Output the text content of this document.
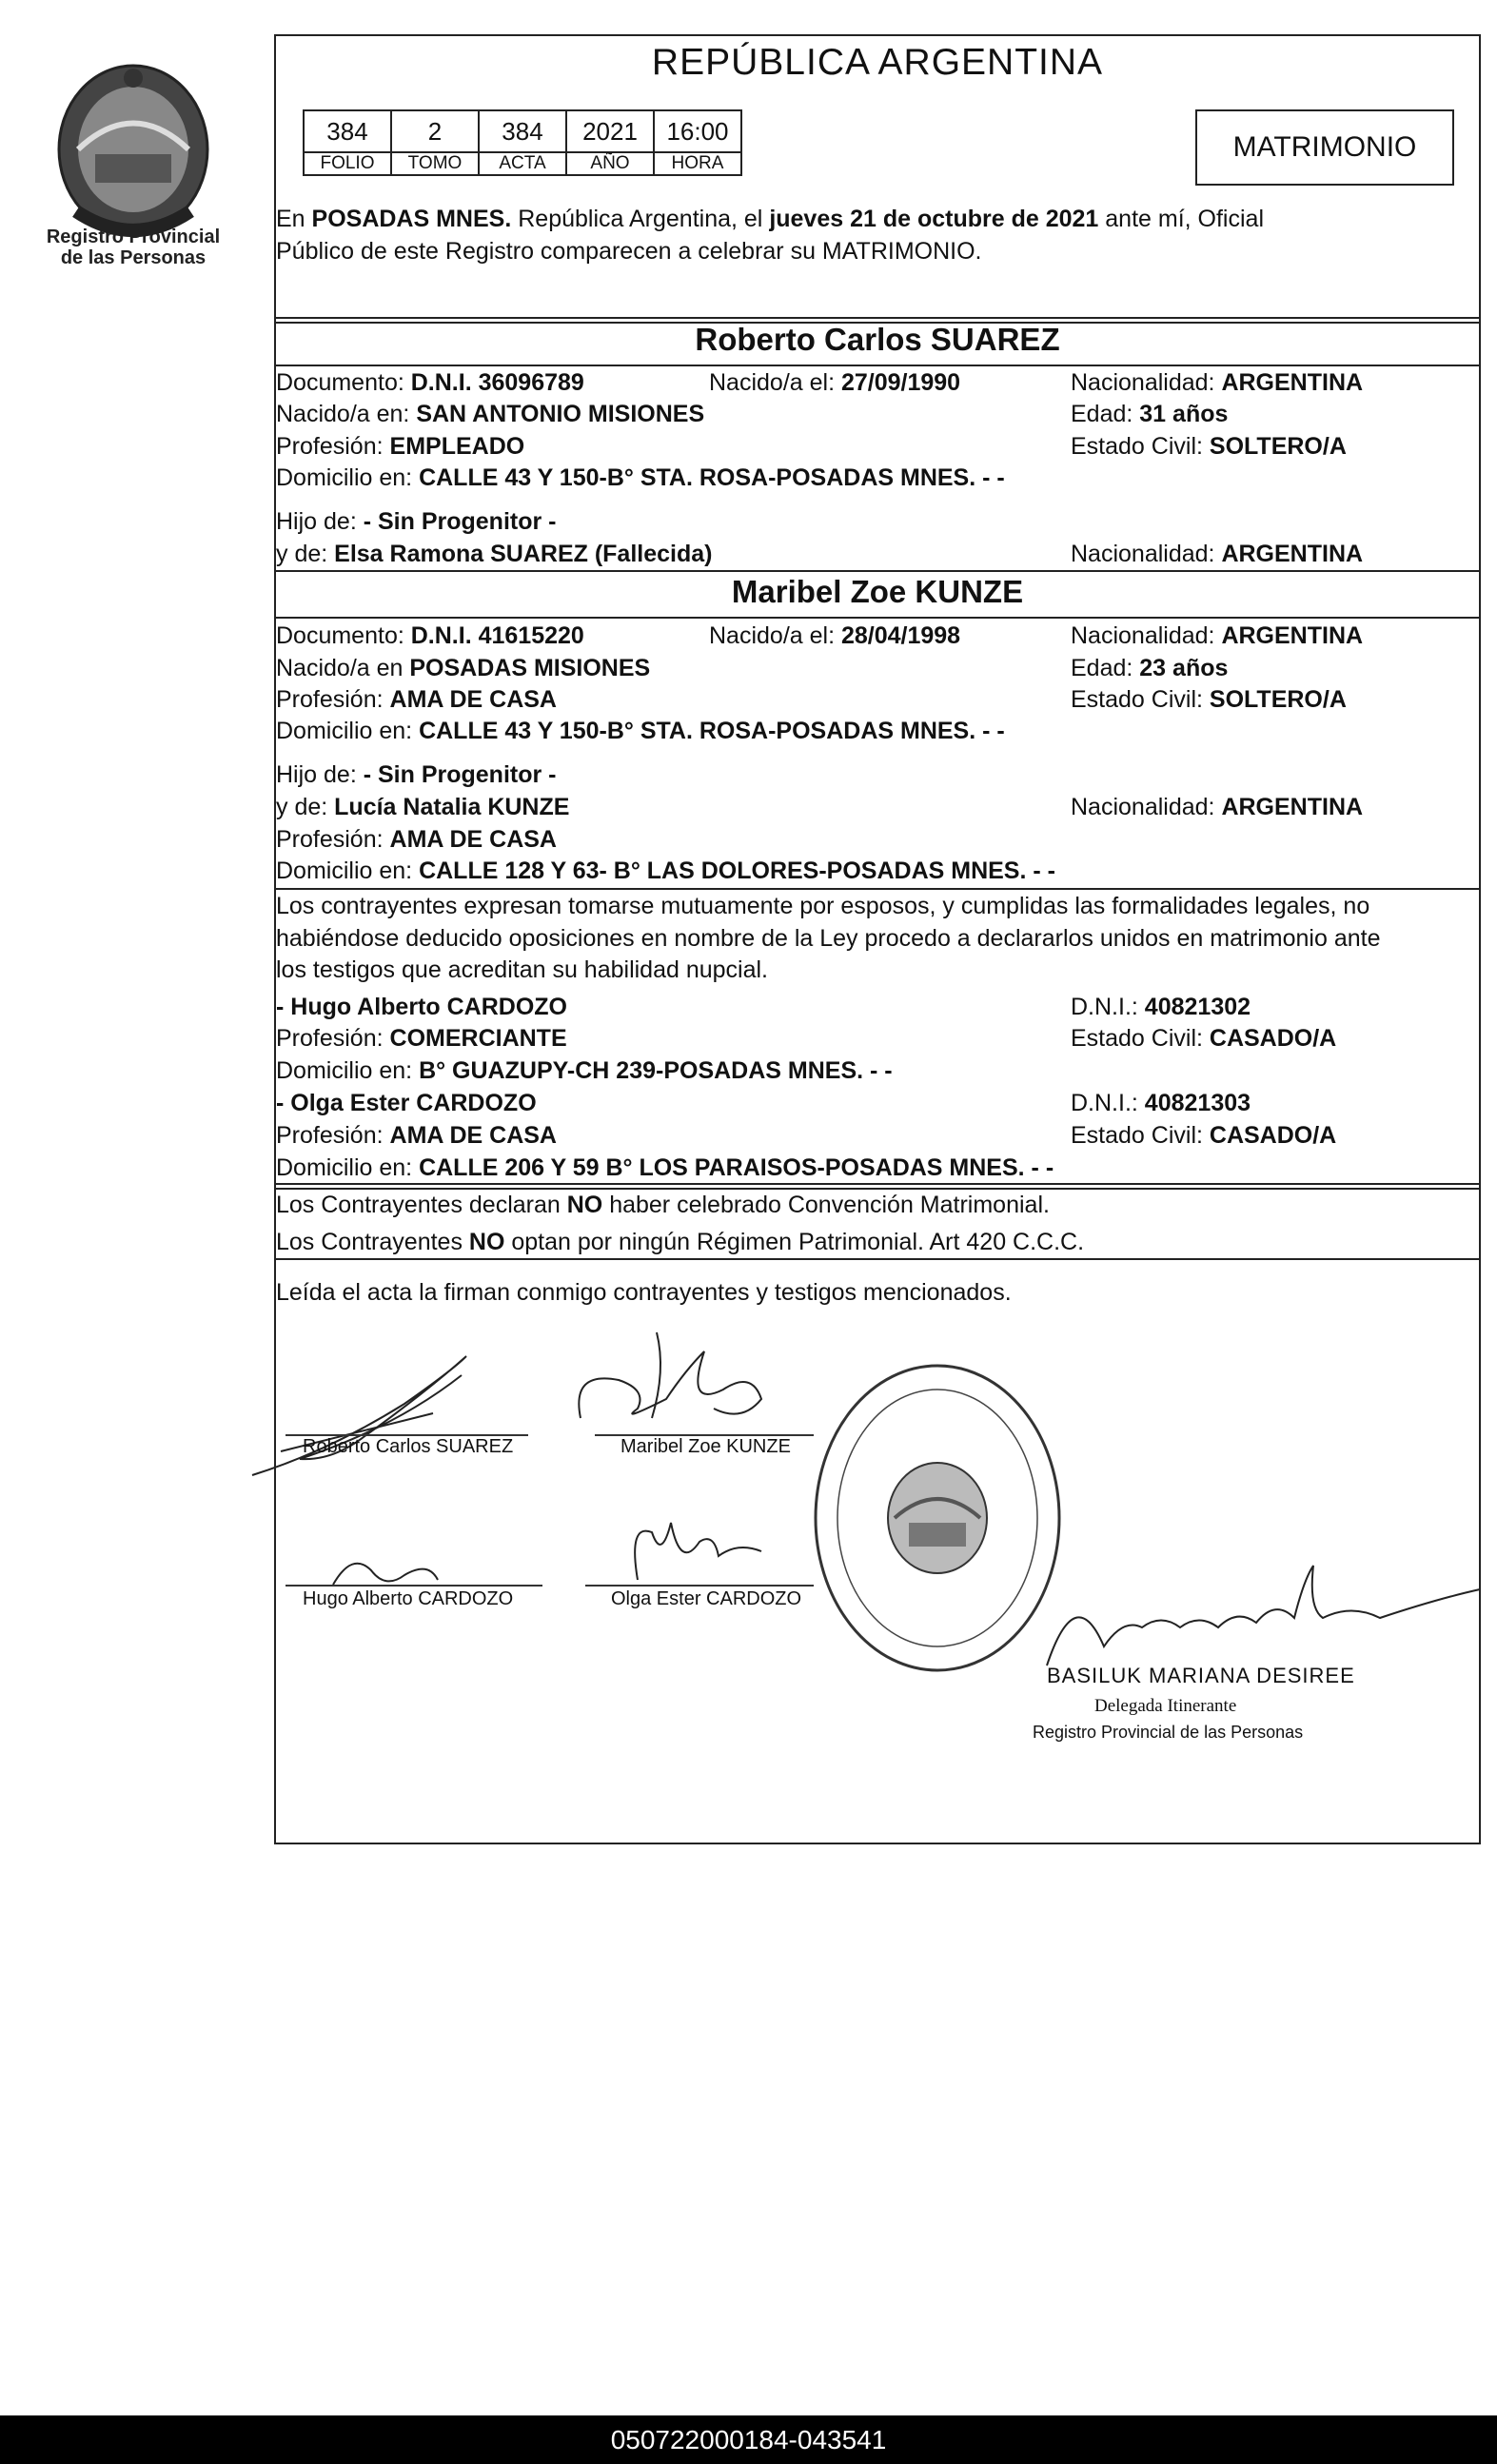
Registro Provincial
de las Personas
REPÚBLICA ARGENTINA
384	2	384	2021	16:00
FOLIO	TOMO	ACTA	AÑO	HORA
MATRIMONIO
En POSADAS MNES. República Argentina, el jueves 21 de octubre de 2021 ante mí, Oficial
Público de este Registro comparecen a celebrar su MATRIMONIO.
Roberto Carlos SUAREZ
Documento: D.N.I. 36096789	Nacido/a el: 27/09/1990	Nacionalidad: ARGENTINA
Nacido/a en: SAN ANTONIO MISIONES	Edad: 31 años
Profesión: EMPLEADO	Estado Civil: SOLTERO/A
Domicilio en: CALLE 43 Y 150-B° STA. ROSA-POSADAS MNES. - -
Hijo de: - Sin Progenitor -
y de: Elsa Ramona SUAREZ (Fallecida)	Nacionalidad: ARGENTINA
Maribel Zoe KUNZE
Documento: D.N.I. 41615220	Nacido/a el: 28/04/1998	Nacionalidad: ARGENTINA
Nacido/a en POSADAS MISIONES	Edad: 23 años
Profesión: AMA DE CASA	Estado Civil: SOLTERO/A
Domicilio en: CALLE 43 Y 150-B° STA. ROSA-POSADAS MNES. - -
Hijo de: - Sin Progenitor -
y de: Lucía Natalia KUNZE	Nacionalidad: ARGENTINA
Profesión: AMA DE CASA
Domicilio en: CALLE 128 Y 63- B° LAS DOLORES-POSADAS MNES. - -
Los contrayentes expresan tomarse mutuamente por esposos, y cumplidas las formalidades legales, no
habiéndose deducido oposiciones en nombre de la Ley procedo a declararlos unidos en matrimonio ante
los testigos que acreditan su habilidad nupcial.
- Hugo Alberto CARDOZO	D.N.I.: 40821302
Profesión: COMERCIANTE	Estado Civil: CASADO/A
Domicilio en: B° GUAZUPY-CH 239-POSADAS MNES. - -
- Olga Ester CARDOZO	D.N.I.: 40821303
Profesión: AMA DE CASA	Estado Civil: CASADO/A
Domicilio en: CALLE 206 Y 59 B° LOS PARAISOS-POSADAS MNES. - -
Los Contrayentes declaran NO haber celebrado Convención Matrimonial.
Los Contrayentes NO optan por ningún Régimen Patrimonial. Art 420 C.C.C.
Leída el acta la firman conmigo contrayentes y testigos mencionados.
Roberto Carlos SUAREZ	Maribel Zoe KUNZE
Hugo Alberto CARDOZO	Olga Ester CARDOZO
BASILUK MARIANA DESIREE
Delegada Itinerante
Registro Provincial de las Personas
050722000184-043541
